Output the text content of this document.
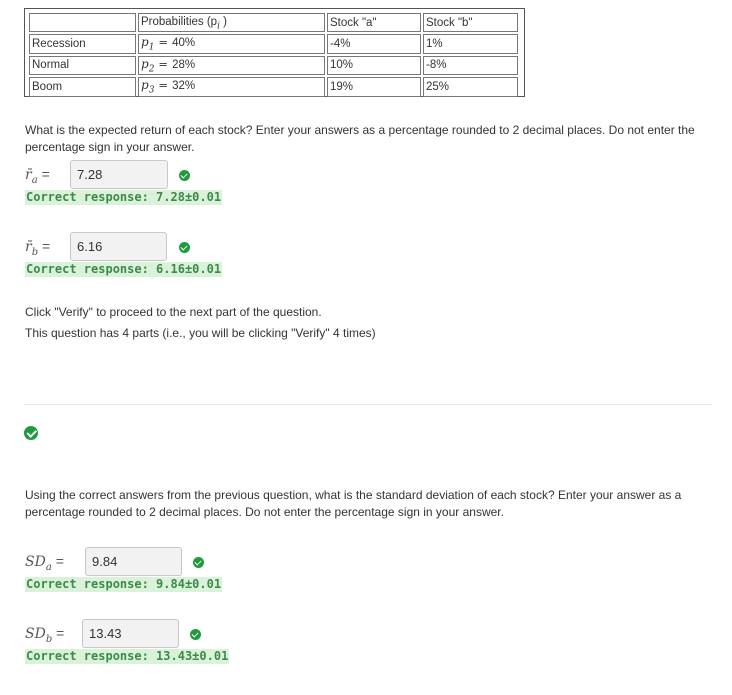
	Probabilities ($p_i$ )	Stock "a"	Stock "b"
Recession	$p_1 = 40\%$	-4%	1%
Normal	$p_2 = 28\%$	10%	-8%
Boom	$p_3 = 32\%$	19%	25%
What is the expected return of each stock? Enter your answers as a percentage rounded to 2 decimal places. Do not enter the percentage sign in your answer.
$r̄_a$ =	7.28
Correct response: 7.28±0.01
$r̄_b$ =	6.16
Correct response: 6.16±0.01
Click "Verify" to proceed to the next part of the question.
This question has 4 parts (i.e., you will be clicking "Verify" 4 times)
Using the correct answers from the previous question, what is the standard deviation of each stock? Enter your answer as a percentage rounded to 2 decimal places. Do not enter the percentage sign in your answer.
$SD_a$ =	9.84
Correct response: 9.84±0.01
$SD_b$ =	13.43
Correct response: 13.43±0.01
